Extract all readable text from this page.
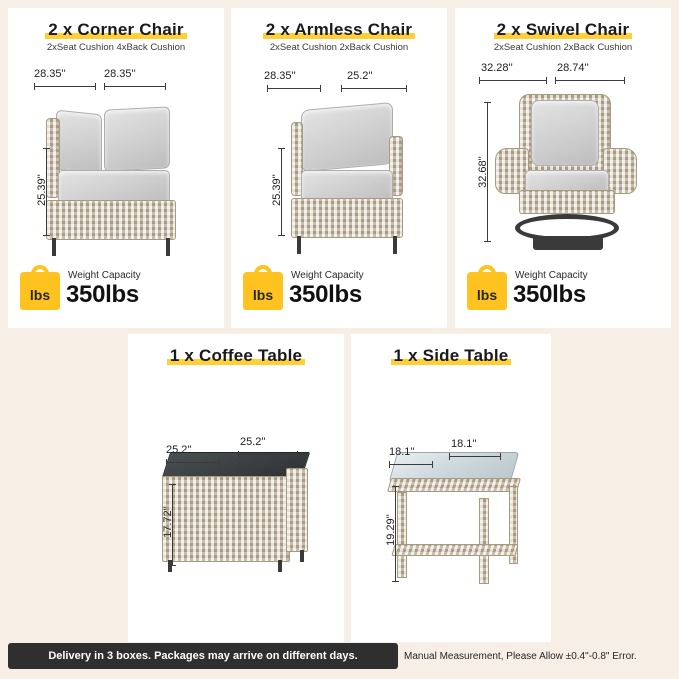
2 x Corner Chair
2xSeat Cushion 4xBack Cushion
28.35''	28.35''
25.39''
lbs
Weight Capacity
350lbs
2 x Armless Chair
2xSeat Cushion 2xBack Cushion
28.35''	25.2''
25.39''
lbs
Weight Capacity
350lbs
2 x Swivel Chair
2xSeat Cushion 2xBack Cushion
32.28''	28.74''
32.68''
lbs
Weight Capacity
350lbs
1 x Coffee Table
25.2''
25.2''
17.72''
1 x Side Table
18.1''
18.1''
19.29''
Delivery in 3 boxes. Packages may arrive on different days.	Manual Measurement, Please Allow ±0.4"-0.8" Error.
